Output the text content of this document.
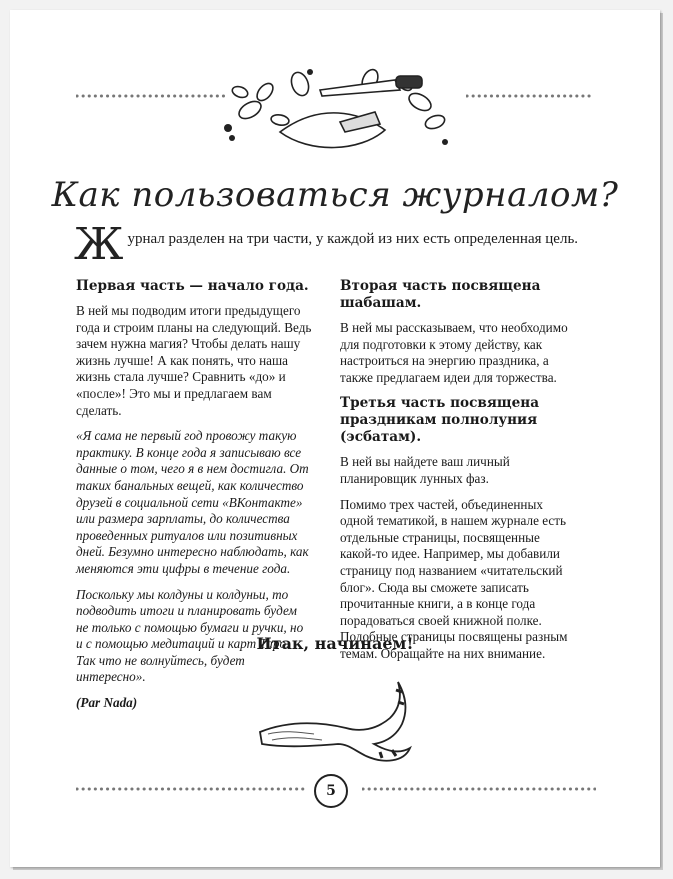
Как пользоваться журналом?
Ж урнал разделен на три части, у каждой из них есть определенная цель.
Первая часть — начало года.

В ней мы подводим итоги предыдущего года и строим планы на следующий. Ведь зачем нужна магия? Чтобы делать нашу жизнь лучше! А как понять, что наша жизнь стала лучше? Сравнить «до» и «после»! Это мы и предлагаем вам сделать.

«Я сама не первый год провожу такую практику. В конце года я записываю все данные о том, чего я в нем достигла. От таких банальных вещей, как количество друзей в социальной сети «ВКонтакте» или размера зарплаты, до количества проведенных ритуалов или позитивных дней. Безумно интересно наблюдать, как меняются эти цифры в течение года.

Поскольку мы колдуны и колдуньи, то подводить итоги и планировать будем не только с помощью бумаги и ручки, но и с помощью медитаций и карт Таро. Так что не волнуйтесь, будет интересно».

(Par Nada)

Вторая часть посвящена шабашам.

В ней мы рассказываем, что необходимо для подготовки к этому действу, как настроиться на энергию праздника, а также предлагаем идеи для торжества.

Третья часть посвящена праздникам полнолуния (эсбатам).

В ней вы найдете ваш личный планировщик лунных фаз.

Помимо трех частей, объединенных одной тематикой, в нашем журнале есть отдельные страницы, посвященные какой-то идее. Например, мы добавили страницу под названием «читательский блог». Сюда вы сможете записать прочитанные книги, а в конце года порадоваться своей книжной полке. Подобные страницы посвящены разным темам. Обращайте на них внимание.

Итак, начинаем!
5
